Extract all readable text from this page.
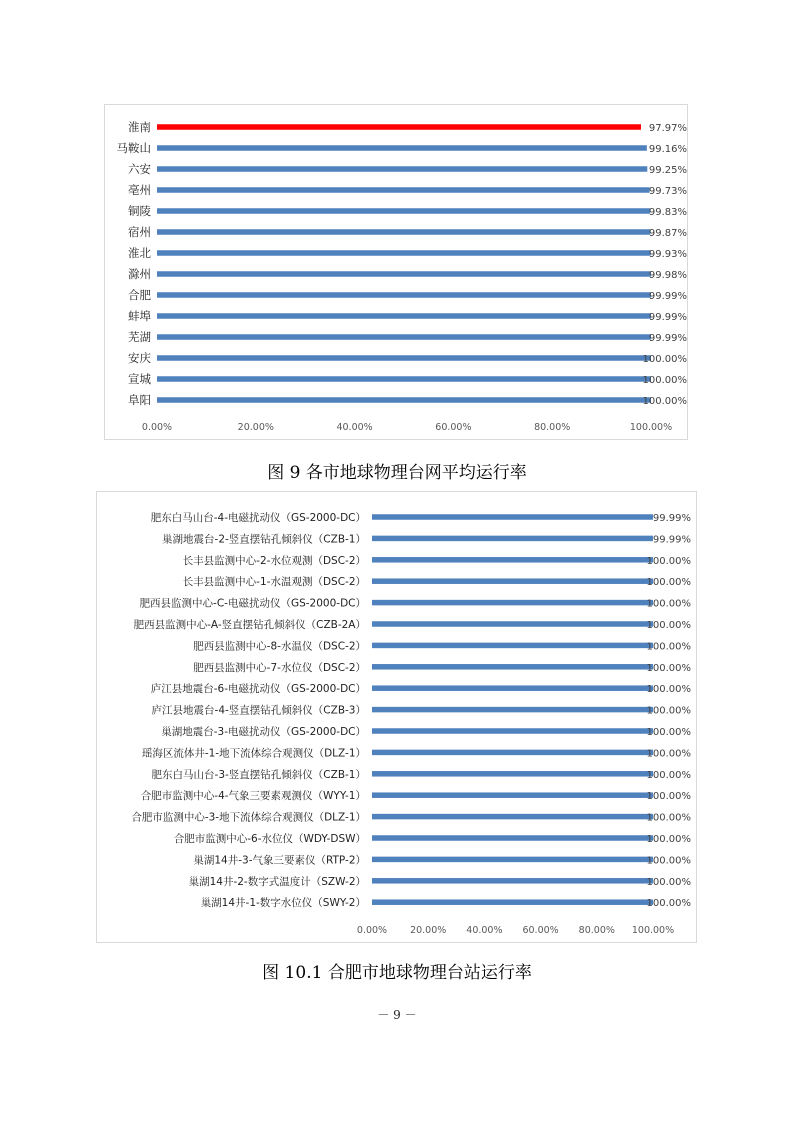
淮南	97.97%
马鞍山	99.16%
六安	99.25%
亳州	99.73%
铜陵	99.83%
宿州	99.87%
淮北	99.93%
滁州	99.98%
合肥	99.99%
蚌埠	99.99%
芜湖	99.99%
安庆	100.00%
宣城	100.00%
阜阳	100.00%
0.00%	20.00%	40.00%	60.00%	80.00%	100.00%
图 9 各市地球物理台网平均运行率
肥东白马山台-4-电磁扰动仪（GS-2000-DC）	99.99%
巢湖地震台-2-竖直摆钻孔倾斜仪（CZB-1）	99.99%
长丰县监测中心-2-水位观测（DSC-2）	100.00%
长丰县监测中心-1-水温观测（DSC-2）	100.00%
肥西县监测中心-C-电磁扰动仪（GS-2000-DC）	100.00%
肥西县监测中心-A-竖直摆钻孔倾斜仪（CZB-2A）	100.00%
肥西县监测中心-8-水温仪（DSC-2）	100.00%
肥西县监测中心-7-水位仪（DSC-2）	100.00%
庐江县地震台-6-电磁扰动仪（GS-2000-DC）	100.00%
庐江县地震台-4-竖直摆钻孔倾斜仪（CZB-3）	100.00%
巢湖地震台-3-电磁扰动仪（GS-2000-DC）	100.00%
瑶海区流体井-1-地下流体综合观测仪（DLZ-1）	100.00%
肥东白马山台-3-竖直摆钻孔倾斜仪（CZB-1）	100.00%
合肥市监测中心-4-气象三要素观测仪（WYY-1）	100.00%
合肥市监测中心-3-地下流体综合观测仪（DLZ-1）	100.00%
合肥市监测中心-6-水位仪（WDY-DSW）	100.00%
巢湖14井-3-气象三要素仪（RTP-2）	100.00%
巢湖14井-2-数字式温度计（SZW-2）	100.00%
巢湖14井-1-数字水位仪（SWY-2）	100.00%
0.00% 20.00% 40.00% 60.00% 80.00% 100.00%
图 10.1 合肥市地球物理台站运行率
－ 9 －
